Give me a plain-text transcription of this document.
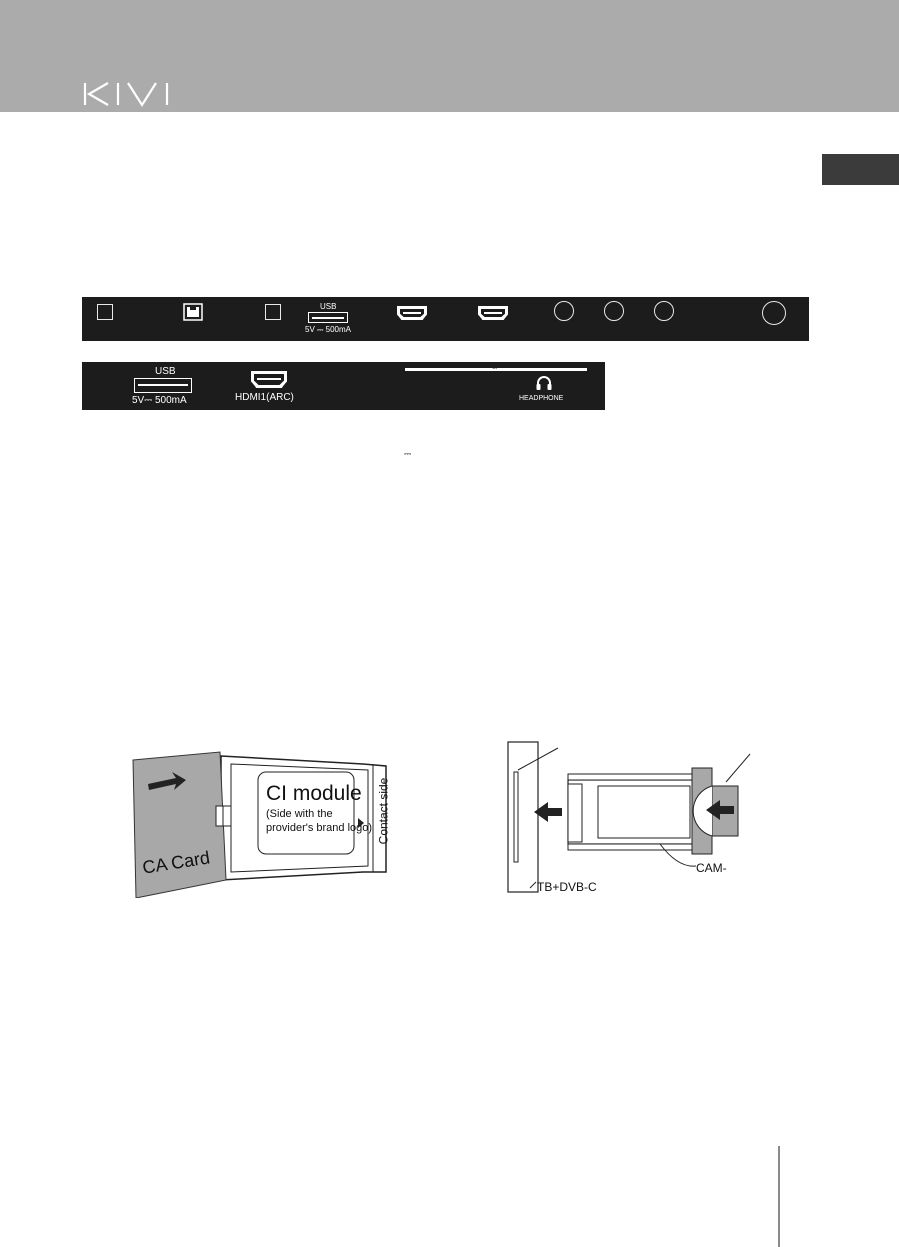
USB
5V ⎓ 500mA
USB
5V⎓ 500mA	HDMI1(ARC)
CI
HEADPHONE
⎓
CA Card
CI module
(Side with the
provider's brand logo) Contact side
CAM-
TB+DVB-C
